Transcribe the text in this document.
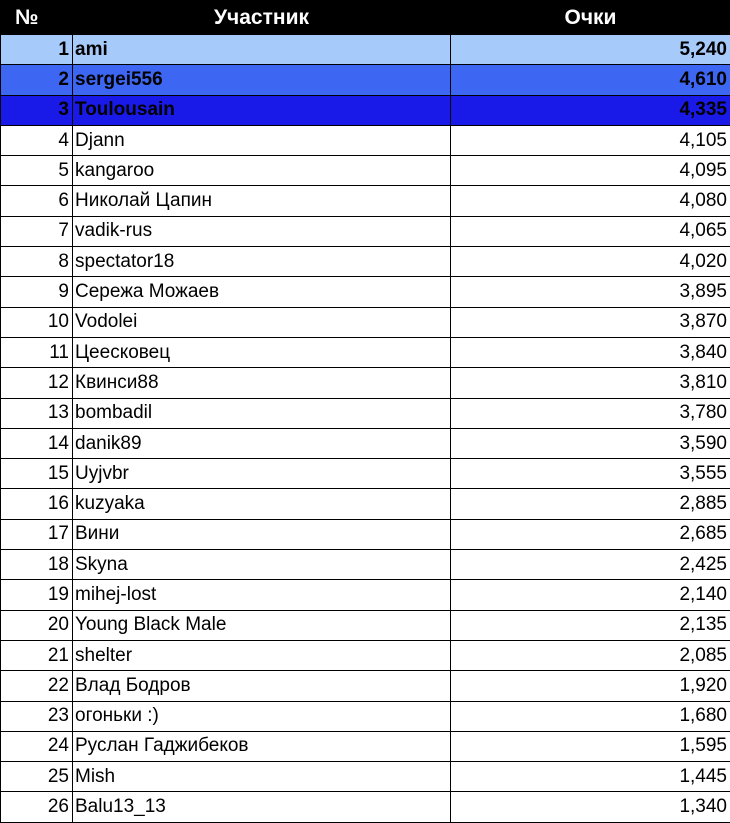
№	Участник	Очки
1	ami	5,240
2	sergei556	4,610
3	Toulousain	4,335
4	Djann	4,105
5	kangaroo	4,095
6	Николай Цапин	4,080
7	vadik-rus	4,065
8	spectator18	4,020
9	Сережа Можаев	3,895
10	Vodolei	3,870
11	Цеесковец	3,840
12	Квинси88	3,810
13	bombadil	3,780
14	danik89	3,590
15	Uyjvbr	3,555
16	kuzyaka	2,885
17	Вини	2,685
18	Skyna	2,425
19	mihej-lost	2,140
20	Young Black Male	2,135
21	shelter	2,085
22	Влад Бодров	1,920
23	огоньки :)	1,680
24	Руслан Гаджибеков	1,595
25	Mish	1,445
26	Balu13_13	1,340
